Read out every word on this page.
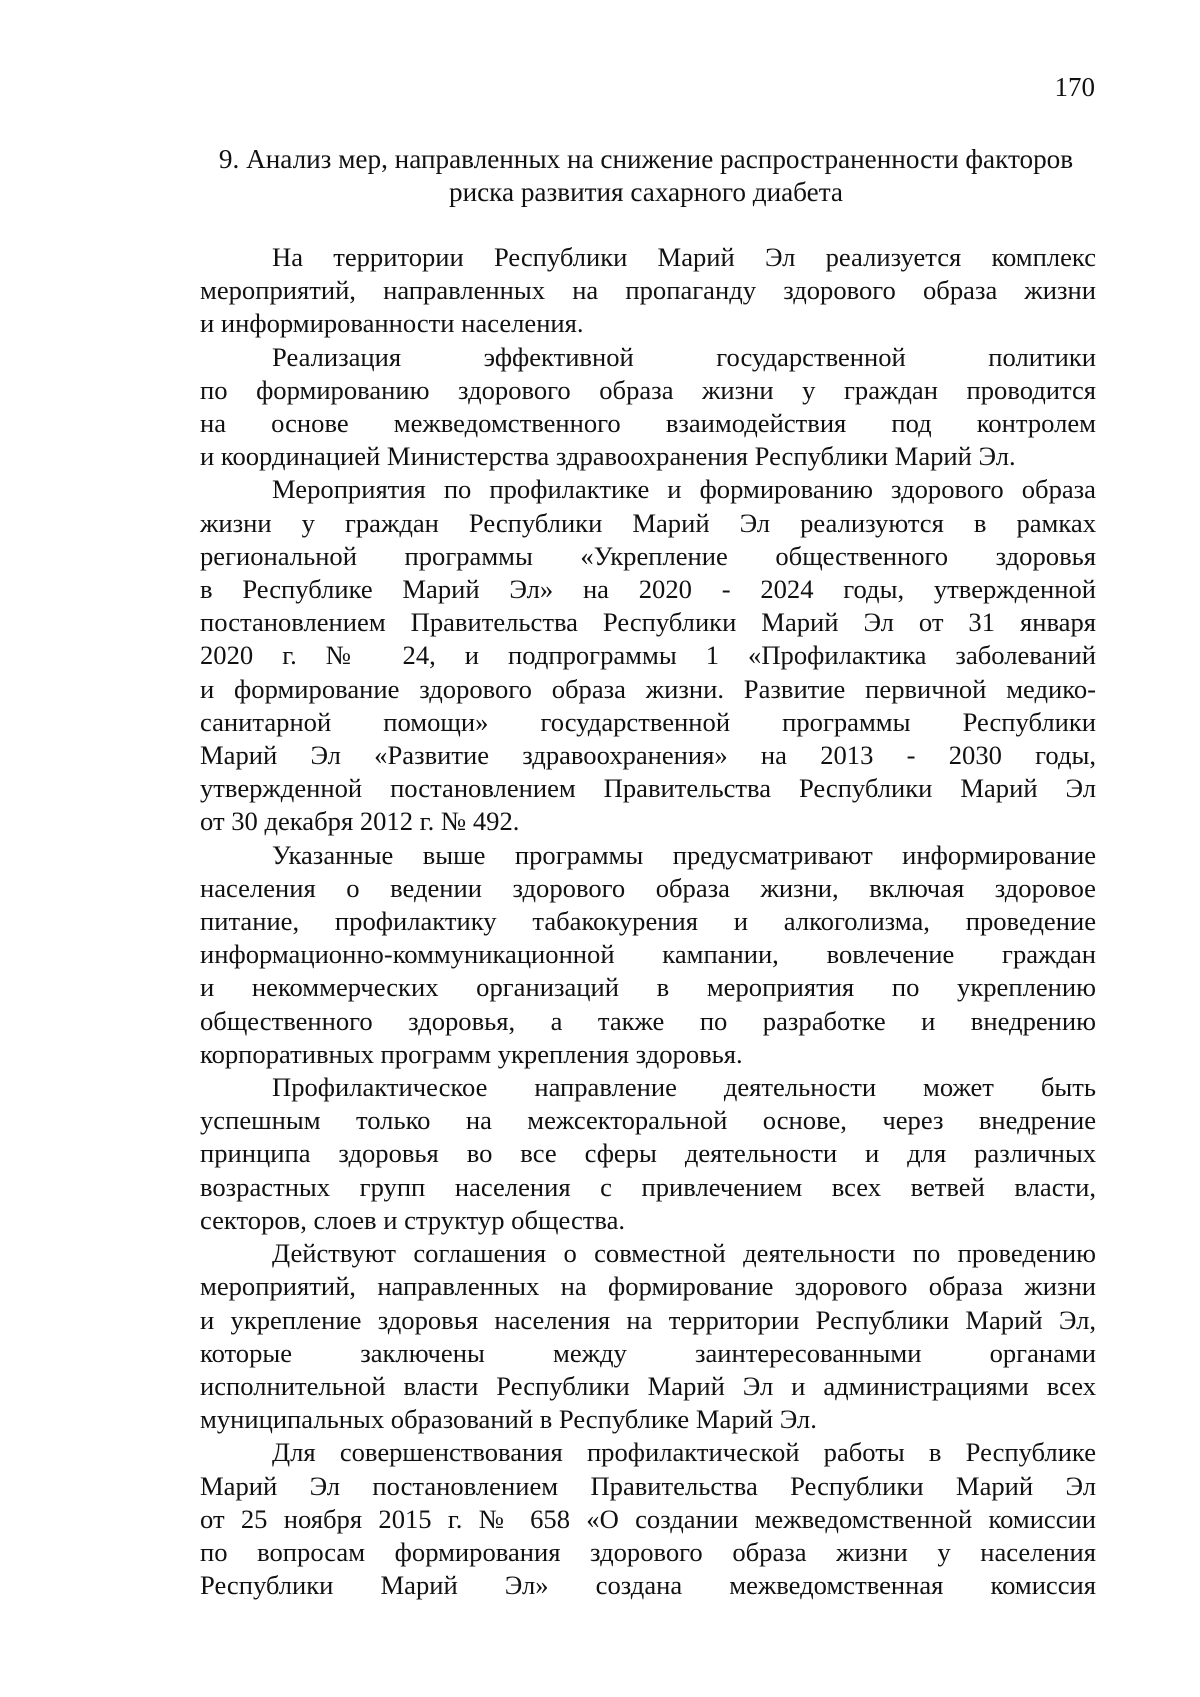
170
9. Анализ мер, направленных на снижение распространенности факторов
риска развития сахарного диабета

На территории Республики Марий Эл реализуется комплекс
мероприятий, направленных на пропаганду здорового образа жизни
и информированности населения.

Реализация эффективной государственной политики
по формированию здорового образа жизни у граждан проводится
на основе межведомственного взаимодействия под контролем
и координацией Министерства здравоохранения Республики Марий Эл.

Мероприятия по профилактике и формированию здорового образа
жизни у граждан Республики Марий Эл реализуются в рамках
региональной программы «Укрепление общественного здоровья
в Республике Марий Эл» на 2020 - 2024 годы, утвержденной
постановлением Правительства Республики Марий Эл от 31 января
2020 г. № 24, и подпрограммы 1 «Профилактика заболеваний
и формирование здорового образа жизни. Развитие первичной медико-
санитарной помощи» государственной программы Республики
Марий Эл «Развитие здравоохранения» на 2013 - 2030 годы,
утвержденной постановлением Правительства Республики Марий Эл
от 30 декабря 2012 г. № 492.

Указанные выше программы предусматривают информирование
населения о ведении здорового образа жизни, включая здоровое
питание, профилактику табакокурения и алкоголизма, проведение
информационно-коммуникационной кампании, вовлечение граждан
и некоммерческих организаций в мероприятия по укреплению
общественного здоровья, а также по разработке и внедрению
корпоративных программ укрепления здоровья.

Профилактическое направление деятельности может быть
успешным только на межсекторальной основе, через внедрение
принципа здоровья во все сферы деятельности и для различных
возрастных групп населения с привлечением всех ветвей власти,
секторов, слоев и структур общества.

Действуют соглашения о совместной деятельности по проведению
мероприятий, направленных на формирование здорового образа жизни
и укрепление здоровья населения на территории Республики Марий Эл,
которые заключены между заинтересованными органами
исполнительной власти Республики Марий Эл и администрациями всех
муниципальных образований в Республике Марий Эл.

Для совершенствования профилактической работы в Республике
Марий Эл постановлением Правительства Республики Марий Эл
от 25 ноября 2015 г. № 658 «О создании межведомственной комиссии
по вопросам формирования здорового образа жизни у населения
Республики Марий Эл» создана межведомственная комиссия
